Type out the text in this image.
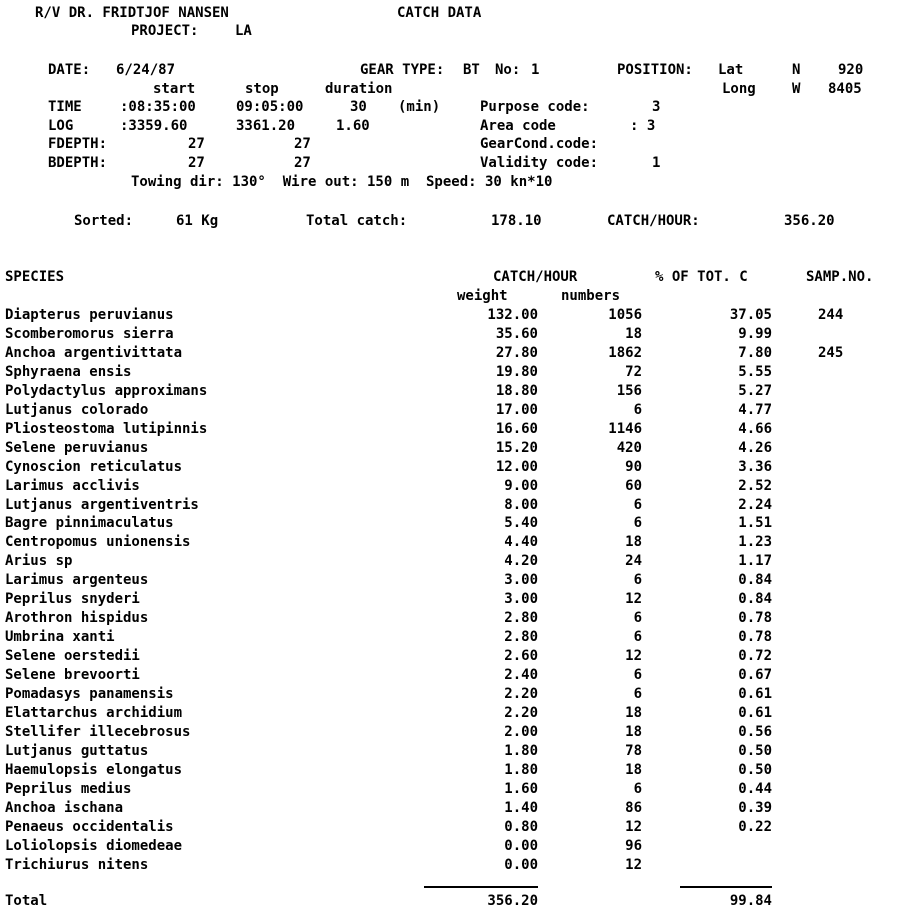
R/V DR. FRIDTJOF NANSEN	CATCH DATA
PROJECT:	LA
DATE: 6/24/87	GEAR TYPE: BT No: 1	POSITION: Lat	N	920
start	stop	duration	Long	W 8405
TIME	:08:35:00	09:05:00	30 (min)	Purpose code:	3
LOG	:3359.60	3361.20	1.60	Area code	: 3
FDEPTH:	27	27	GearCond.code:
BDEPTH:	27	27	Validity code:	1
Towing dir: 130°  Wire out: 150 m  Speed: 30 kn*10
Sorted:	61 Kg	Total catch:	178.10	CATCH/HOUR:	356.20
SPECIES	CATCH/HOUR	% OF TOT. C	SAMP.NO.
weight	numbers
Diapterus peruvianus	132.00	1056	37.05	244
Scomberomorus sierra	35.60	18	9.99
Anchoa argentivittata	27.80	1862	7.80	245
Sphyraena ensis	19.80	72	5.55
Polydactylus approximans	18.80	156	5.27
Lutjanus colorado	17.00	6	4.77
Pliosteostoma lutipinnis	16.60	1146	4.66
Selene peruvianus	15.20	420	4.26
Cynoscion reticulatus	12.00	90	3.36
Larimus acclivis	9.00	60	2.52
Lutjanus argentiventris	8.00	6	2.24
Bagre pinnimaculatus	5.40	6	1.51
Centropomus unionensis	4.40	18	1.23
Arius sp	4.20	24	1.17
Larimus argenteus	3.00	6	0.84
Peprilus snyderi	3.00	12	0.84
Arothron hispidus	2.80	6	0.78
Umbrina xanti	2.80	6	0.78
Selene oerstedii	2.60	12	0.72
Selene brevoorti	2.40	6	0.67
Pomadasys panamensis	2.20	6	0.61
Elattarchus archidium	2.20	18	0.61
Stellifer illecebrosus	2.00	18	0.56
Lutjanus guttatus	1.80	78	0.50
Haemulopsis elongatus	1.80	18	0.50
Peprilus medius	1.60	6	0.44
Anchoa ischana	1.40	86	0.39
Penaeus occidentalis	0.80	12	0.22
Loliolopsis diomedeae	0.00	96
Trichiurus nitens	0.00	12
Total	356.20	99.84
